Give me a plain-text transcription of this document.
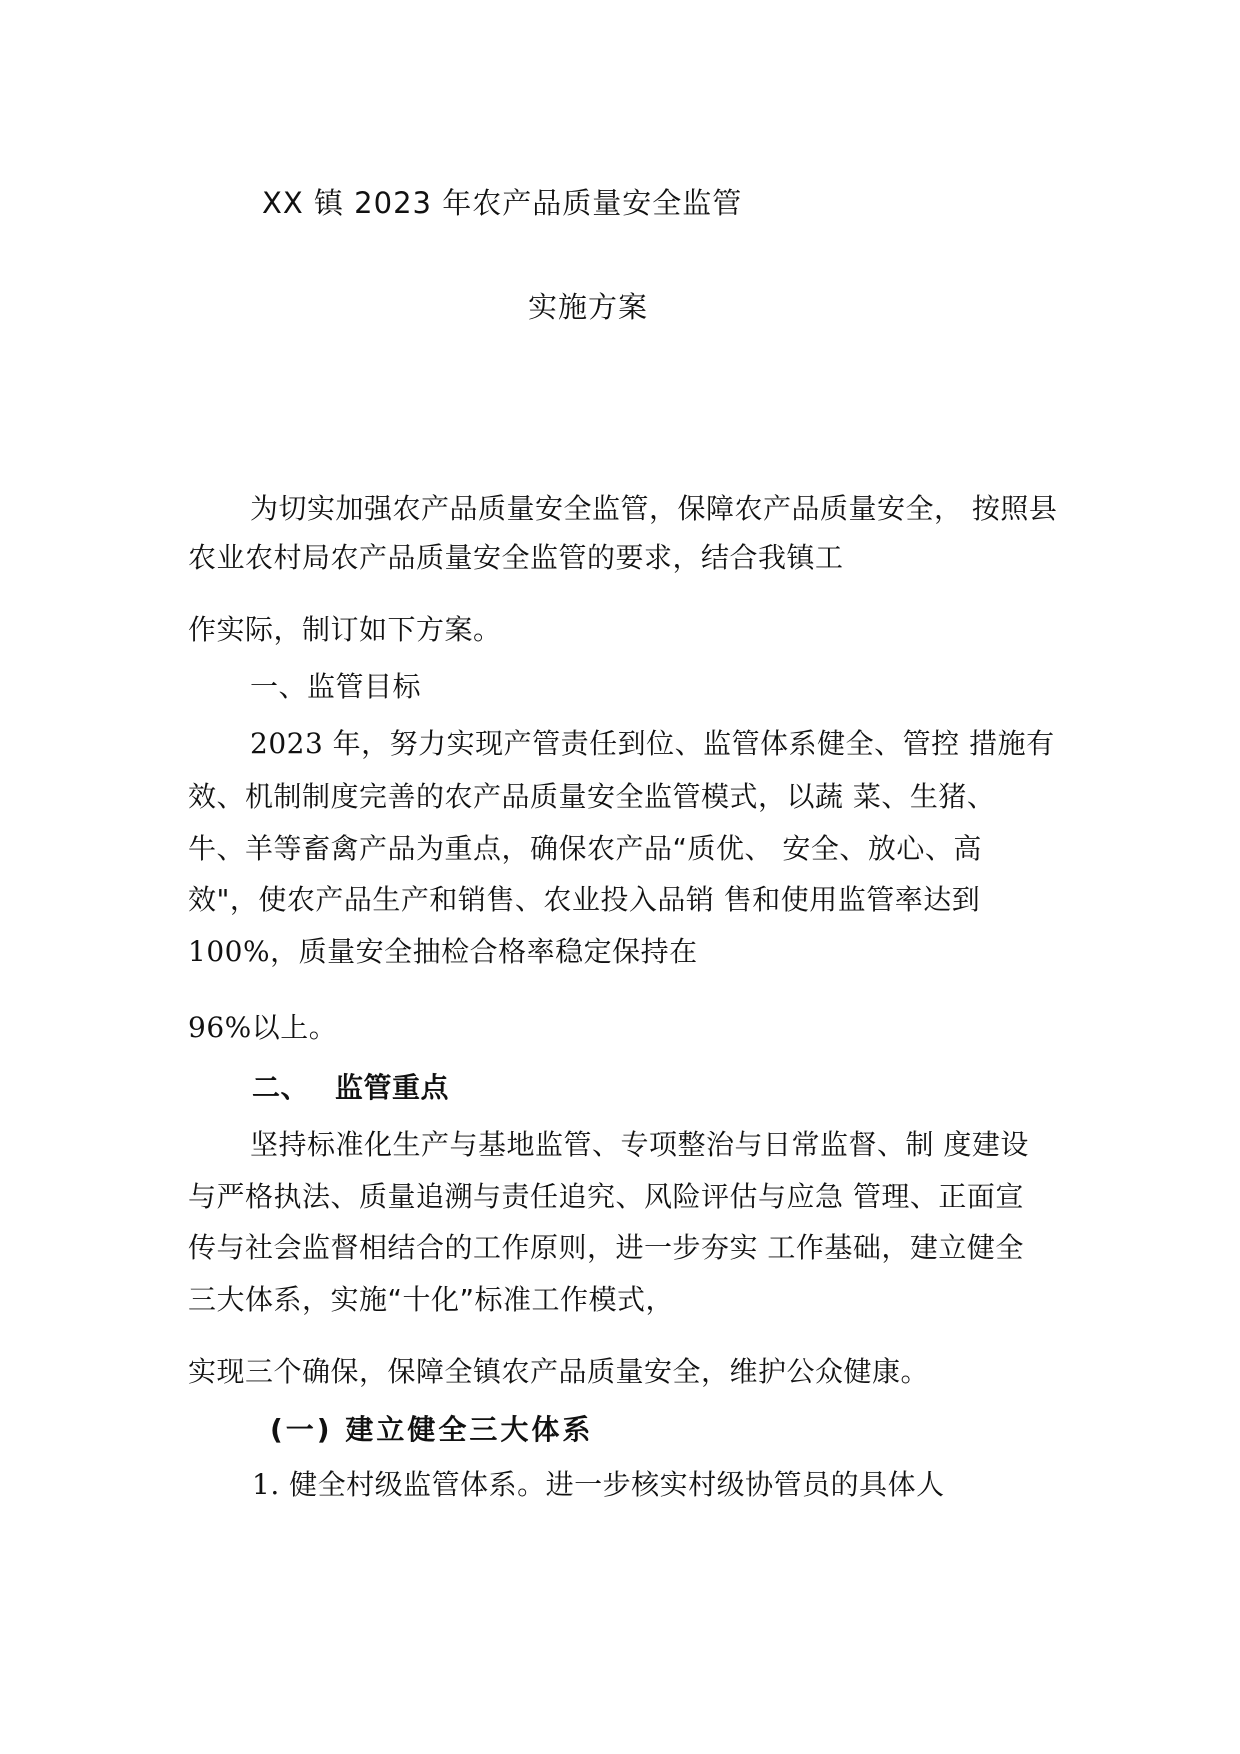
XX 镇 2023 年农产品质量安全监管
实施方案
为切实加强农产品质量安全监管，保障农产品质量安全， 按照县
农业农村局农产品质量安全监管的要求，结合我镇工
作实际，制订如下方案。
一、监管目标
2023 年，努力实现产管责任到位、监管体系健全、管控 措施有
效、机制制度完善的农产品质量安全监管模式，以蔬 菜、生猪、
牛、羊等畜禽产品为重点，确保农产品“质优、 安全、放心、高
效"，使农产品生产和销售、农业投入品销 售和使用监管率达到
100%，质量安全抽检合格率稳定保持在
96%以上。
二、 监管重点
坚持标准化生产与基地监管、专项整治与日常监督、制 度建设
与严格执法、质量追溯与责任追究、风险评估与应急 管理、正面宣
传与社会监督相结合的工作原则，进一步夯实 工作基础，建立健全
三大体系，实施“十化”标准工作模式，
实现三个确保，保障全镇农产品质量安全，维护公众健康。
(一) 建立健全三大体系
1. 健全村级监管体系。进一步核实村级协管员的具体人
